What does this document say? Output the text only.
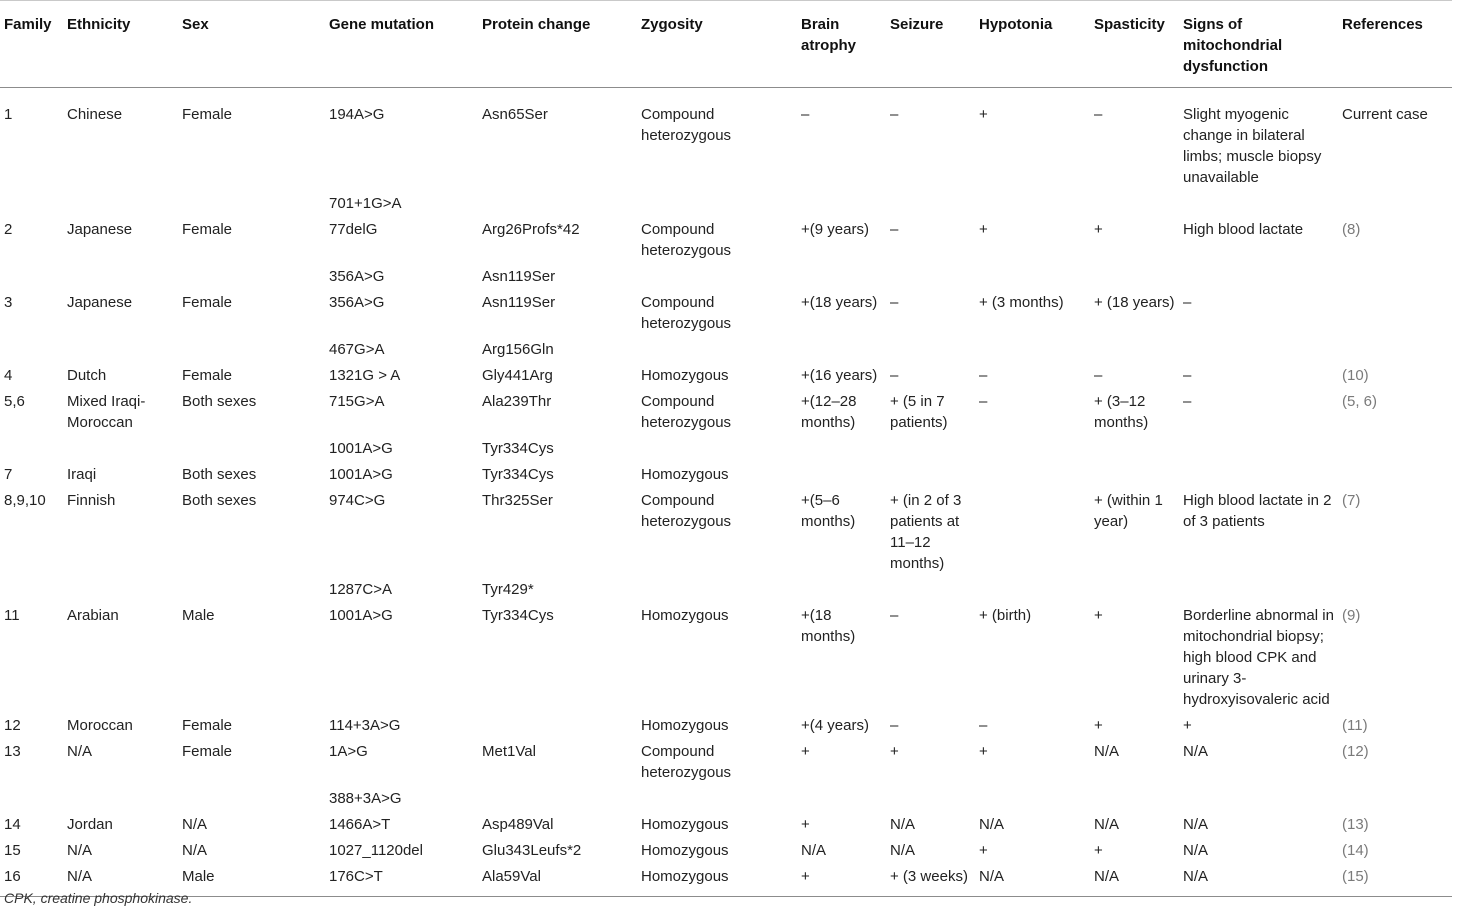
Family	Ethnicity	Sex	Gene mutation	Protein change	Zygosity	Brain atrophy	Seizure	Hypotonia	Spasticity	Signs of mitochondrial dysfunction	References
1	Chinese	Female	194A>G	Asn65Ser	Compound heterozygous	–	–	+	–	Slight myogenic change in bilateral limbs; muscle biopsy unavailable	Current case
			701+1G>A								
2	Japanese	Female	77delG	Arg26Profs*42	Compound heterozygous	+(9 years)	–	+	+	High blood lactate	(8)
			356A>G	Asn119Ser							
3	Japanese	Female	356A>G	Asn119Ser	Compound heterozygous	+(18 years)	–	+ (3 months)	+ (18 years)	–	
			467G>A	Arg156Gln							
4	Dutch	Female	1321G > A	Gly441Arg	Homozygous	+(16 years)	–	–	–	–	(10)
5,6	Mixed Iraqi-Moroccan	Both sexes	715G>A	Ala239Thr	Compound heterozygous	+(12–28 months)	+ (5 in 7 patients)	–	+ (3–12 months)	–	(5, 6)
			1001A>G	Tyr334Cys							
7	Iraqi	Both sexes	1001A>G	Tyr334Cys	Homozygous						
8,9,10	Finnish	Both sexes	974C>G	Thr325Ser	Compound heterozygous	+(5–6 months)	+ (in 2 of 3 patients at 11–12 months)		+ (within 1 year)	High blood lactate in 2 of 3 patients	(7)
			1287C>A	Tyr429*							
11	Arabian	Male	1001A>G	Tyr334Cys	Homozygous	+(18 months)	–	+ (birth)	+	Borderline abnormal in mitochondrial biopsy; high blood CPK and urinary 3-hydroxyisovaleric acid	(9)
12	Moroccan	Female	114+3A>G		Homozygous	+(4 years)	–	–	+	+	(11)
13	N/A	Female	1A>G	Met1Val	Compound heterozygous	+	+	+	N/A	N/A	(12)
			388+3A>G								
14	Jordan	N/A	1466A>T	Asp489Val	Homozygous	+	N/A	N/A	N/A	N/A	(13)
15	N/A	N/A	1027_1120del	Glu343Leufs*2	Homozygous	N/A	N/A	+	+	N/A	(14)
16	N/A	Male	176C>T	Ala59Val	Homozygous	+	+ (3 weeks)	N/A	N/A	N/A	(15)
CPK, creatine phosphokinase.
